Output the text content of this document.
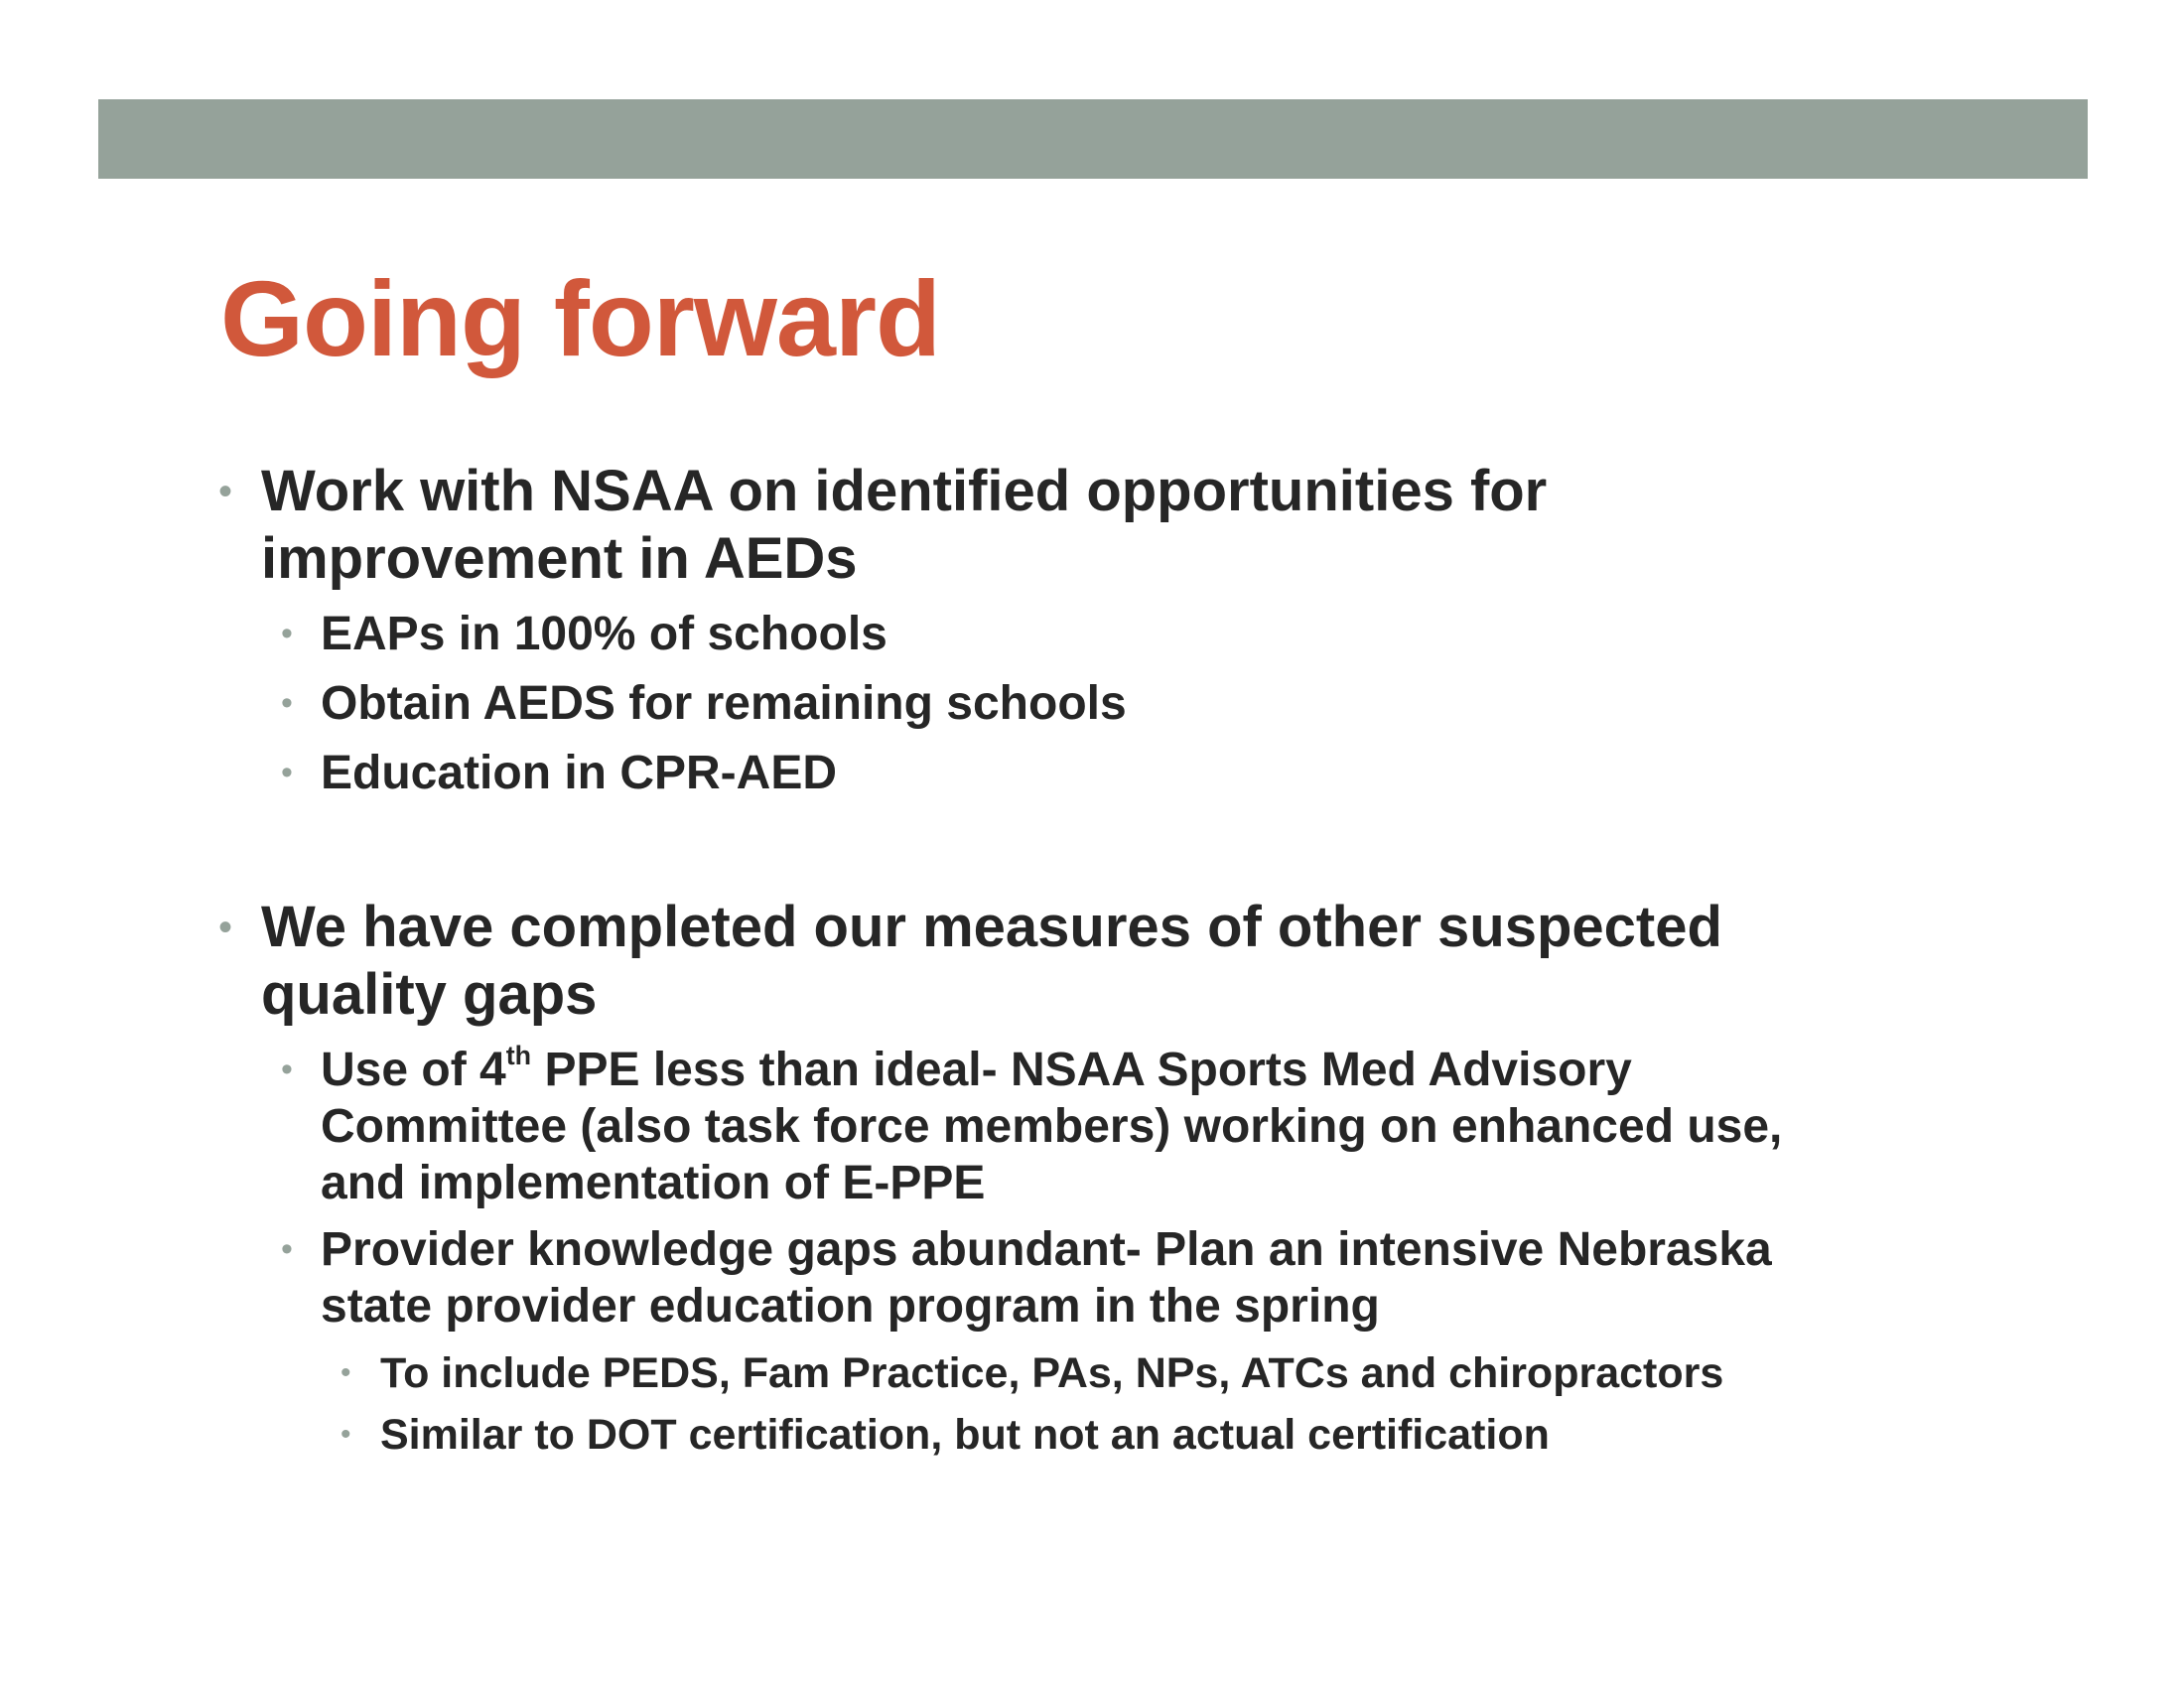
Going forward
• Work with NSAA on identified opportunities for
improvement in AEDs
• EAPs in 100% of schools
• Obtain AEDS for remaining schools
• Education in CPR-AED
• We have completed our measures of other suspected
quality gaps
• Use of 4th PPE less than ideal- NSAA Sports Med Advisory
Committee (also task force members) working on enhanced use,
and implementation of E-PPE
• Provider knowledge gaps abundant- Plan an intensive Nebraska
state provider education program in the spring
• To include PEDS, Fam Practice, PAs, NPs, ATCs and chiropractors
• Similar to DOT certification, but not an actual certification
